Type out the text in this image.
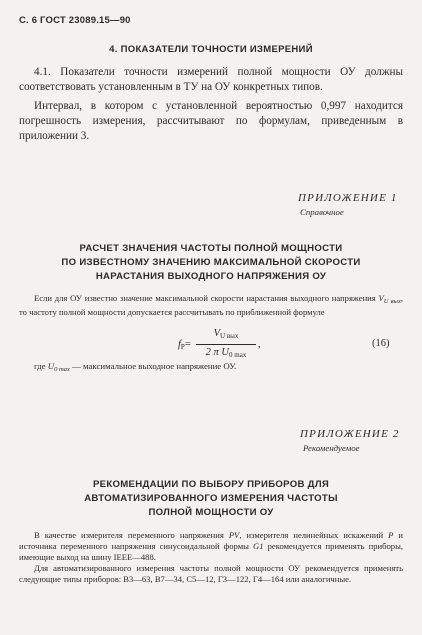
С. 6 ГОСТ 23089.15—90
4. ПОКАЗАТЕЛИ ТОЧНОСТИ ИЗМЕРЕНИЙ

4.1. Показатели точности измерений полной мощности ОУ должны соответствовать установленным в ТУ на ОУ конкретных типов.

Интервал, в котором с установленной вероятностью 0,997 находится погрешность измерения, рассчитывают по формулам, приведенным в приложении 3.

ПРИЛОЖЕНИЕ 1
Справочное
РАСЧЕТ ЗНАЧЕНИЯ ЧАСТОТЫ ПОЛНОЙ МОЩНОСТИ
ПО ИЗВЕСТНОМУ ЗНАЧЕНИЮ МАКСИМАЛЬНОЙ СКОРОСТИ
НАРАСТАНИЯ ВЫХОДНОГО НАПРЯЖЕНИЯ ОУ

Если для ОУ известно значение максимальной скорости нарастания выходного напряжения $V_{U вых}$, то частоту полной мощности допускается рассчитывать по приближенной формуле

$f_P=$
$V_{U вых}$
2 π $U_{0 max}$
,	(16)
где $U_{0 max}$ — максимальное выходное напряжение ОУ.
ПРИЛОЖЕНИЕ 2
Рекомендуемое
РЕКОМЕНДАЦИИ ПО ВЫБОРУ ПРИБОРОВ ДЛЯ
АВТОМАТИЗИРОВАННОГО ИЗМЕРЕНИЯ ЧАСТОТЫ
ПОЛНОЙ МОЩНОСТИ ОУ

В качестве измерителя переменного напряжения PV, измерителя нелинейных искажений P и источника переменного напряжения синусоидальной формы G1 рекомендуется применять приборы, имеющие выход на шину IEEE—488.

Для автоматизированного измерения частоты полной мощности ОУ рекомендуется применять следующие типы приборов: В3—63, В7—34, С5—12, Г3—122, Г4—164 или аналогичные.
